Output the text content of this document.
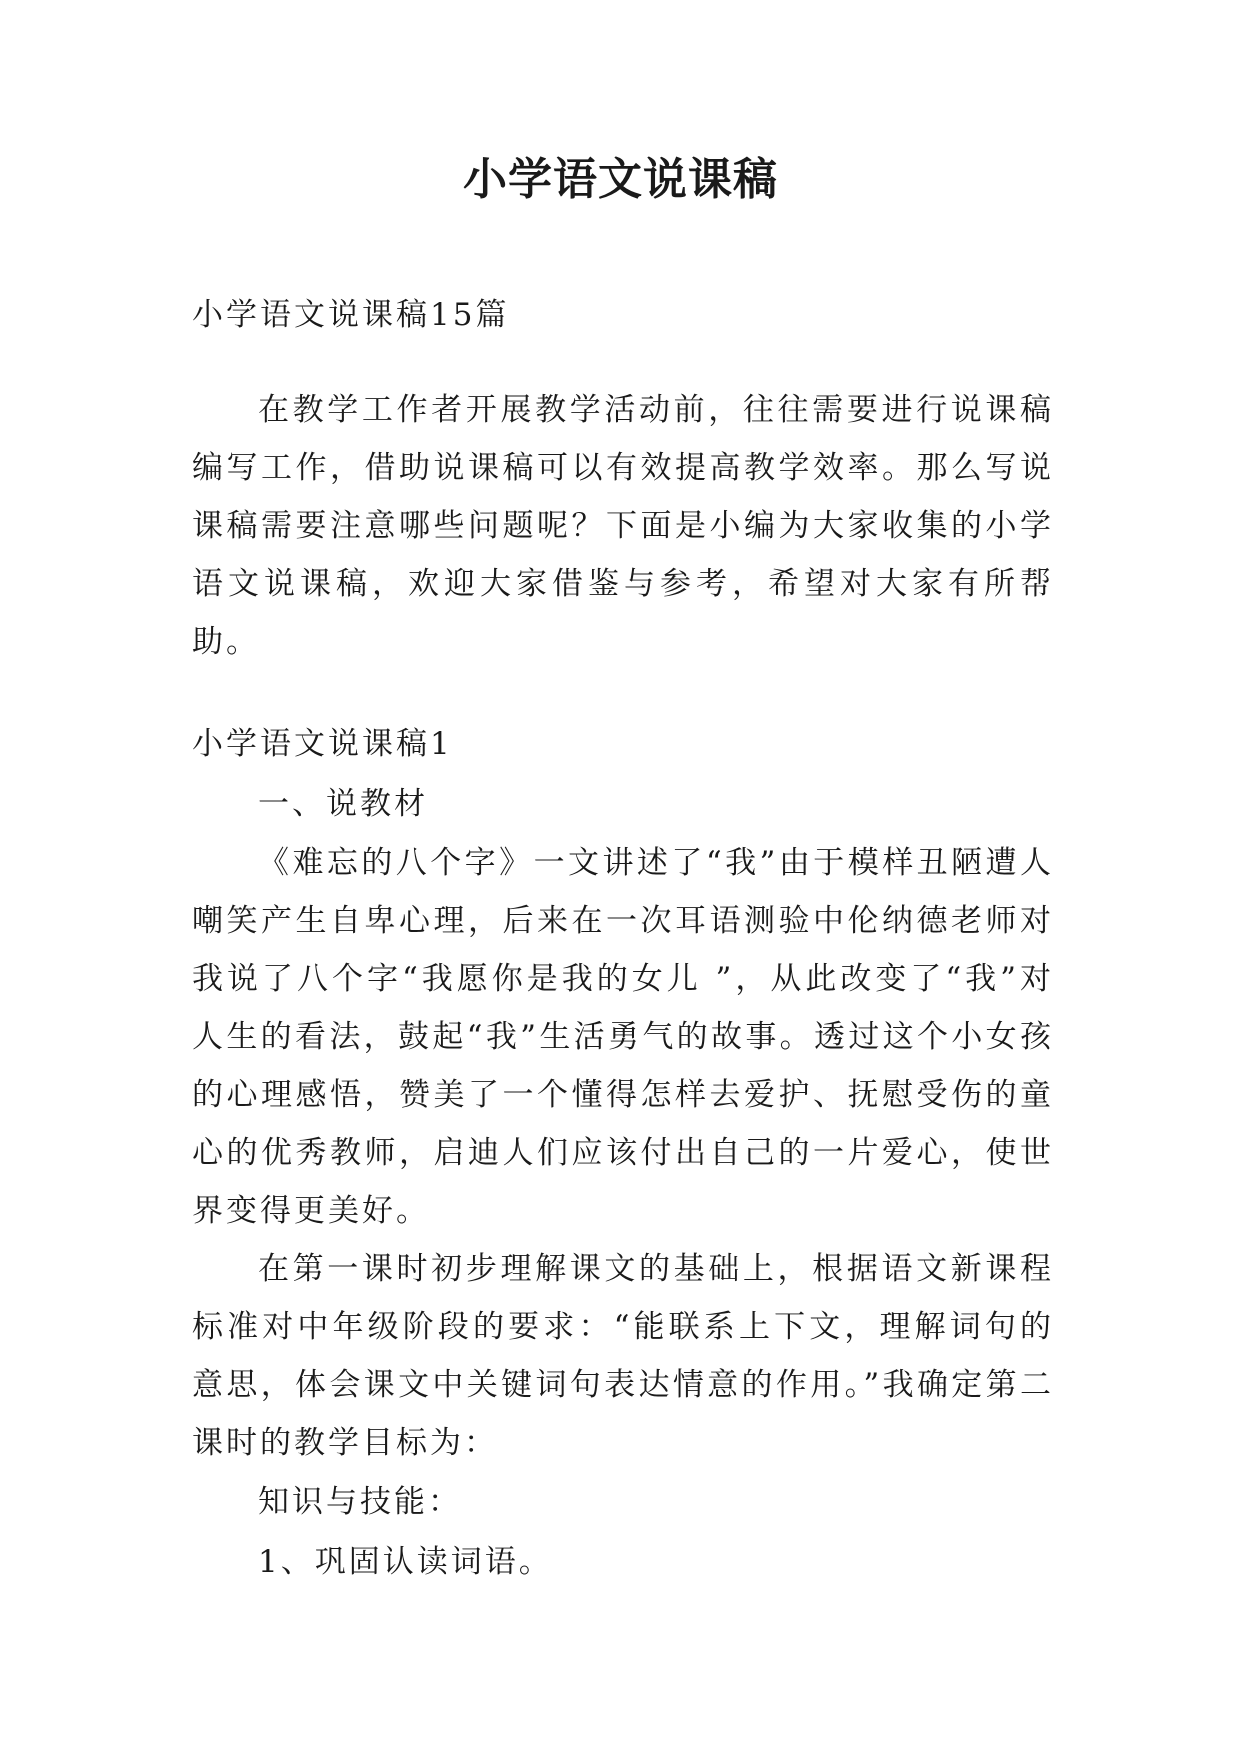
小学语文说课稿

小学语文说课稿15篇

在教学工作者开展教学活动前，往往需要进行说课稿编写工作，借助说课稿可以有效提高教学效率。那么写说课稿需要注意哪些问题呢？下面是小编为大家收集的小学语文说课稿，欢迎大家借鉴与参考，希望对大家有所帮助。

小学语文说课稿1

一、说教材

《难忘的八个字》一文讲述了“我”由于模样丑陋遭人嘲笑产生自卑心理，后来在一次耳语测验中伦纳德老师对我说了八个字“我愿你是我的女儿 ”，从此改变了“我”对人生的看法，鼓起“我”生活勇气的故事。透过这个小女孩的心理感悟，赞美了一个懂得怎样去爱护、抚慰受伤的童心的优秀教师，启迪人们应该付出自己的一片爱心，使世界变得更美好。

在第一课时初步理解课文的基础上，根据语文新课程标准对中年级阶段的要求：“能联系上下文，理解词句的意思，体会课文中关键词句表达情意的作用。”我确定第二课时的教学目标为：

知识与技能：

1、巩固认读词语。
